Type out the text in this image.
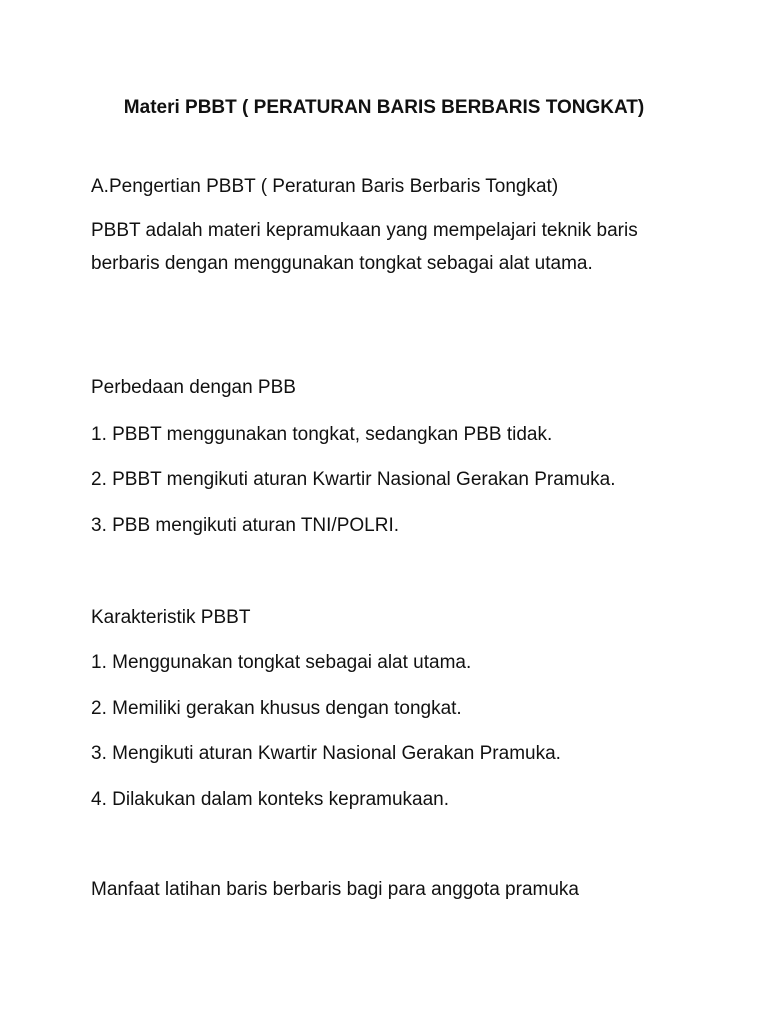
Materi PBBT ( PERATURAN BARIS BERBARIS TONGKAT)
A.Pengertian PBBT ( Peraturan Baris Berbaris Tongkat)
PBBT adalah materi kepramukaan yang mempelajari teknik baris berbaris dengan menggunakan tongkat sebagai alat utama.
Perbedaan dengan PBB
1. PBBT menggunakan tongkat, sedangkan PBB tidak.
2. PBBT mengikuti aturan Kwartir Nasional Gerakan Pramuka.
3. PBB mengikuti aturan TNI/POLRI.
Karakteristik PBBT
1. Menggunakan tongkat sebagai alat utama.
2. Memiliki gerakan khusus dengan tongkat.
3. Mengikuti aturan Kwartir Nasional Gerakan Pramuka.
4. Dilakukan dalam konteks kepramukaan.
Manfaat latihan baris berbaris bagi para anggota pramuka
